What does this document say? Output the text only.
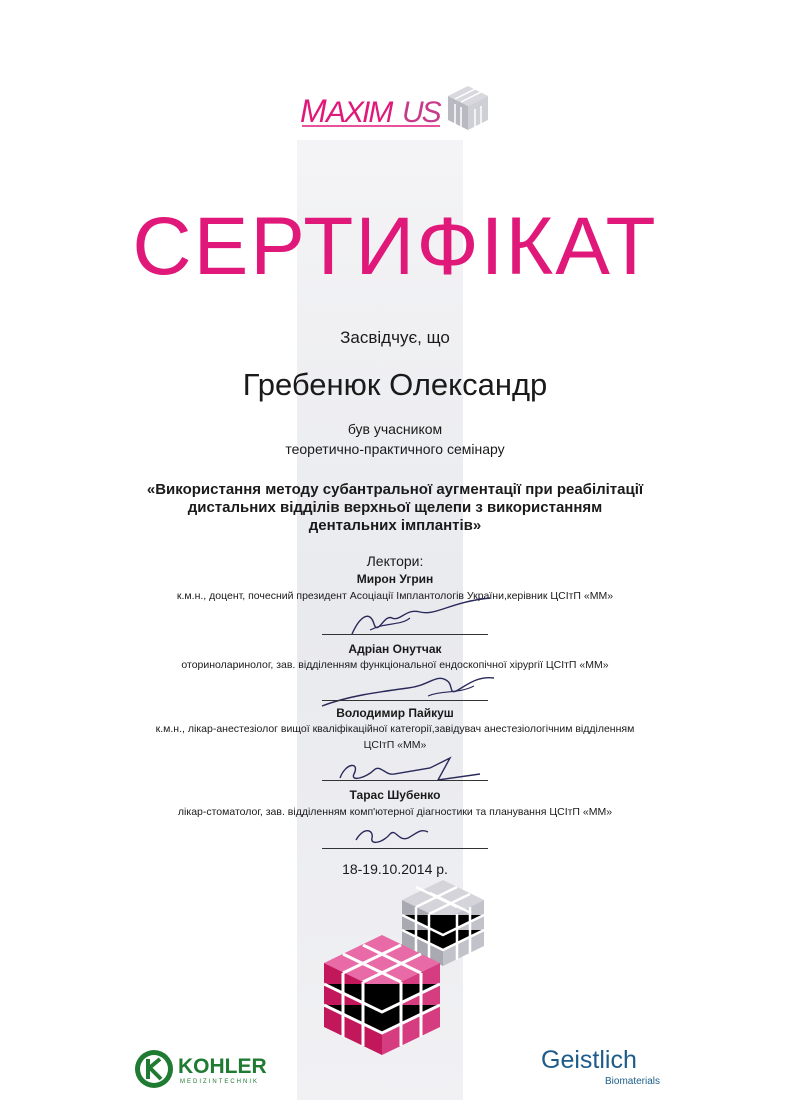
M AXIM US
СЕРТИФІКАТ
Засвідчує, що
Гребенюк Олександр
був учасником
теоретично-практичного семінару
«Використання методу субантральної аугментації при реабілітації
дистальних відділів верхньої щелепи з використанням
дентальних імплантів»
Лектори:
Мирон Угрин
к.м.н., доцент, почесний президент Асоціації Імплантологів України,керівник ЦСІтП «ММ»
Адріан Онутчак
оториноларинолог, зав. відділенням функціональної ендоскопічної хірургії ЦСІтП «ММ»
Володимир Пайкуш
к.м.н., лікар-анестезіолог вищої кваліфікаційної категорії,завідувач анестезіологічним відділенням
ЦСІтП «ММ»
Тарас Шубенко
лікар-стоматолог, зав. відділенням комп'ютерної діагностики та планування ЦСІтП «ММ»
18-19.10.2014 р.
KOHLER
MEDIZINTECHNIK
Geistlich
Biomaterials
